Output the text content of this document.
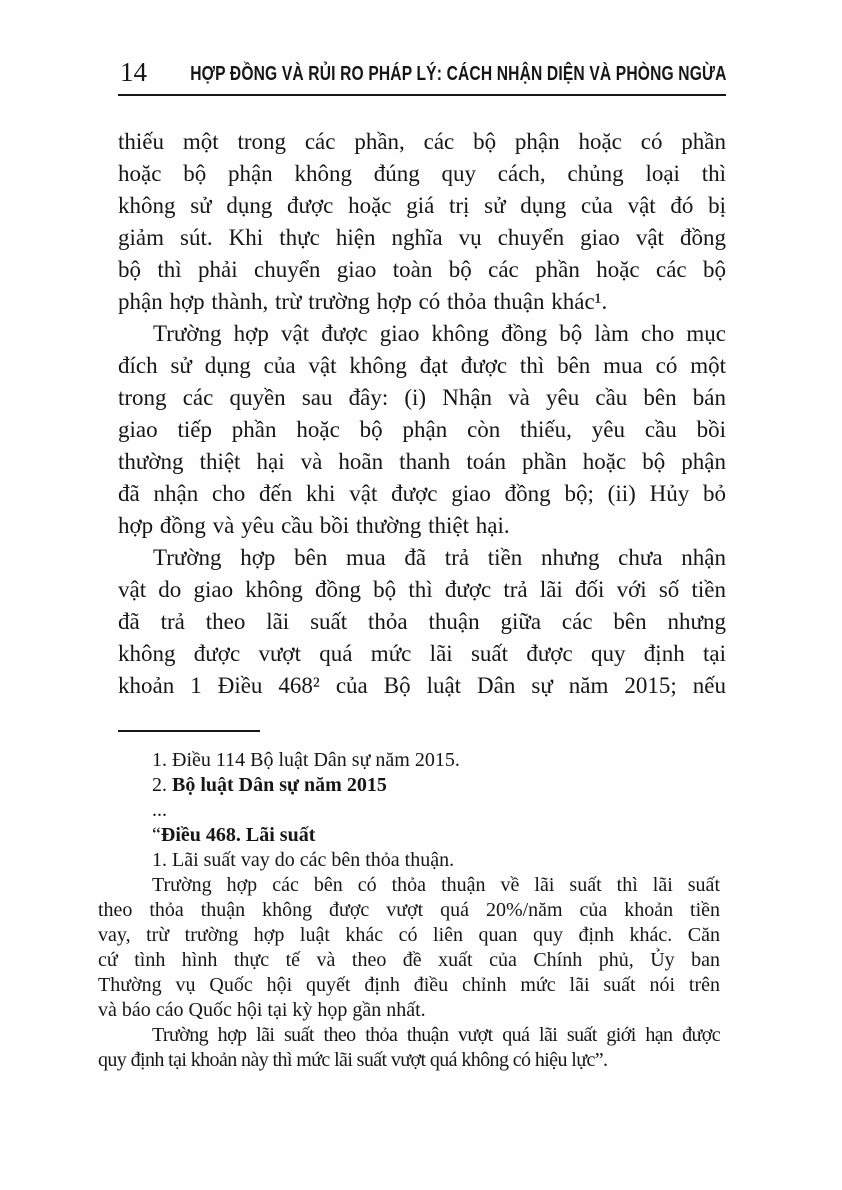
14 HỢP ĐỒNG VÀ RỦI RO PHÁP LÝ: CÁCH NHẬN DIỆN VÀ PHÒNG NGỪA

thiếu một trong các phần, các bộ phận hoặc có phần
hoặc bộ phận không đúng quy cách, chủng loại thì
không sử dụng được hoặc giá trị sử dụng của vật đó bị
giảm sút. Khi thực hiện nghĩa vụ chuyển giao vật đồng
bộ thì phải chuyển giao toàn bộ các phần hoặc các bộ
phận hợp thành, trừ trường hợp có thỏa thuận khác¹.

Trường hợp vật được giao không đồng bộ làm cho mục
đích sử dụng của vật không đạt được thì bên mua có một
trong các quyền sau đây: (i) Nhận và yêu cầu bên bán
giao tiếp phần hoặc bộ phận còn thiếu, yêu cầu bồi
thường thiệt hại và hoãn thanh toán phần hoặc bộ phận
đã nhận cho đến khi vật được giao đồng bộ; (ii) Hủy bỏ
hợp đồng và yêu cầu bồi thường thiệt hại.

Trường hợp bên mua đã trả tiền nhưng chưa nhận
vật do giao không đồng bộ thì được trả lãi đối với số tiền
đã trả theo lãi suất thỏa thuận giữa các bên nhưng
không được vượt quá mức lãi suất được quy định tại
khoản 1 Điều 468² của Bộ luật Dân sự năm 2015; nếu

1. Điều 114 Bộ luật Dân sự năm 2015.
2. Bộ luật Dân sự năm 2015
...
“Điều 468. Lãi suất
1. Lãi suất vay do các bên thỏa thuận.
Trường hợp các bên có thỏa thuận về lãi suất thì lãi suất
theo thỏa thuận không được vượt quá 20%/năm của khoản tiền
vay, trừ trường hợp luật khác có liên quan quy định khác. Căn
cứ tình hình thực tế và theo đề xuất của Chính phủ, Ủy ban
Thường vụ Quốc hội quyết định điều chỉnh mức lãi suất nói trên
và báo cáo Quốc hội tại kỳ họp gần nhất.
Trường hợp lãi suất theo thỏa thuận vượt quá lãi suất giới hạn được
quy định tại khoản này thì mức lãi suất vượt quá không có hiệu lực”.
